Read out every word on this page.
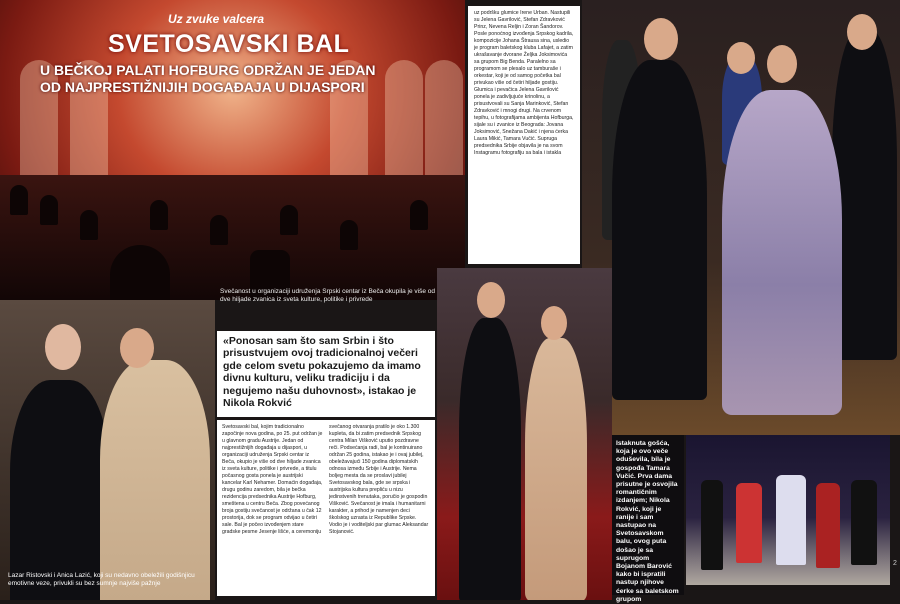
Uz zvuke valcera
SVETOSAVSKI BAL
U BEČKOJ PALATI HOFBURG ODRŽAN JE JEDAN OD NAJPRESTIŽNIJIH DOGAĐAJA U DIJASPORI
Svečanost u organizaciji udruženja Srpski centar iz Beča okupila je više od dve hiljade zvanica iz sveta kulture, politike i privrede
uz podršku glumice Irene Urban. Nastupili su Jelena Gavrilović, Stefan Zdravković Prinz, Nevena Reljin i Zoran Šandorov. Posle ponoćnog izvođenja Srpskog kadrila, kompozicije Johana Štrausa sina, usledio je program baletskog kluba Lafajet, a zatim ukrašavanje dvorane Željka Joksimovića sa grupom Big Benda. Paralelno sa programom se plesalo uz tamburaše i orkestar, koji je od samog početka bal privukao više od četiri hiljade gostiju. Glumica i pevačica Jelena Gavrilović ponela je zadivljujuće krinolinu, a prisustvovali su Sanja Marinković, Stefan Zdravković i mnogi drugi. Na crvenom tepihu, u fotografijama ambijenta Hofburga, sijale su i zvanice iz Beograda: Jovana Joksimović, Snežana Dakić i njena ćerka Laura Mikić, Tamara Vučić. Supruga predsednika Srbije objavila je na svom Instagramu fotografiju sa bala i istakla
Lazar Ristovski i Anica Lazić, koji su nedavno obeležili godišnjicu emotivne veze, privukli su bez sumnje najviše pažnje

«Ponosan sam što sam Srbin i što prisustvujem ovoj tradicionalnoj večeri gde celom svetu pokazujemo da imamo divnu kulturu, veliku tradiciju i da negujemo našu duhovnost», istakao je Nikola Rokvić

Svetosavski bal, kojim tradicionalno započinje nova godina, po 25. put održan je u glavnom gradu Austrije. Jedan od najprestižnijih događaja u dijaspori, u organizaciji udruženja Srpski centar iz Beča, okupio je više od dve hiljade zvanica iz sveta kulture, politike i privrede, a titulu počasnog gosta ponela je austrijski kancelar Karl Nehamer. Domaćin događaja, drugu godinu zaredom, bila je bečka rezidencija predsednika Austrije Hofburg, smeštena u centru Beča. Zbog povećanog broja gostiju svečanost je održana u čak 12 prostorija, dok se program odvijao u četiri sale. Bal je počeo izvođenjem stare gradske pesme Jesenje lišće, a ceremoniju svečanog otvaranja pratilo je oko 1.300 kupleta, da bi zatim predsednik Srpskog centra Milan Višković uputio pozdravne reči. Podsećanja radi, bal je kontinuirano održan 25 godina, istakao je i ovaj jubilej, obeležavajući 150 godina diplomatskih odnosa između Srbije i Austrije. Nema boljeg mesta da se proslavi jubilej Svetosavskog bala, gde se srpska i austrijska kultura prepliću u nizu jedinstvenih trenutaka, poručio je gospodin Višković. Svečanost je imala i humanitarni karakter, a prihod je namenjen deci školskog uzrasta iz Republike Srpske. Vodio je i voditeljski par glumac Aleksandar Stojanović.

Istaknuta gošća, koja je ovo veče oduševila, bila je gospođa Tamara Vučić. Prva dama prisutne je osvojila romantičnim izdanjem; Nikola Rokvić, koji je ranije i sam nastupao na Svetosavskom balu, ovog puta došao je sa suprugom Bojanom Barović kako bi ispratili nastup njihove ćerke sa baletskom grupom

2
